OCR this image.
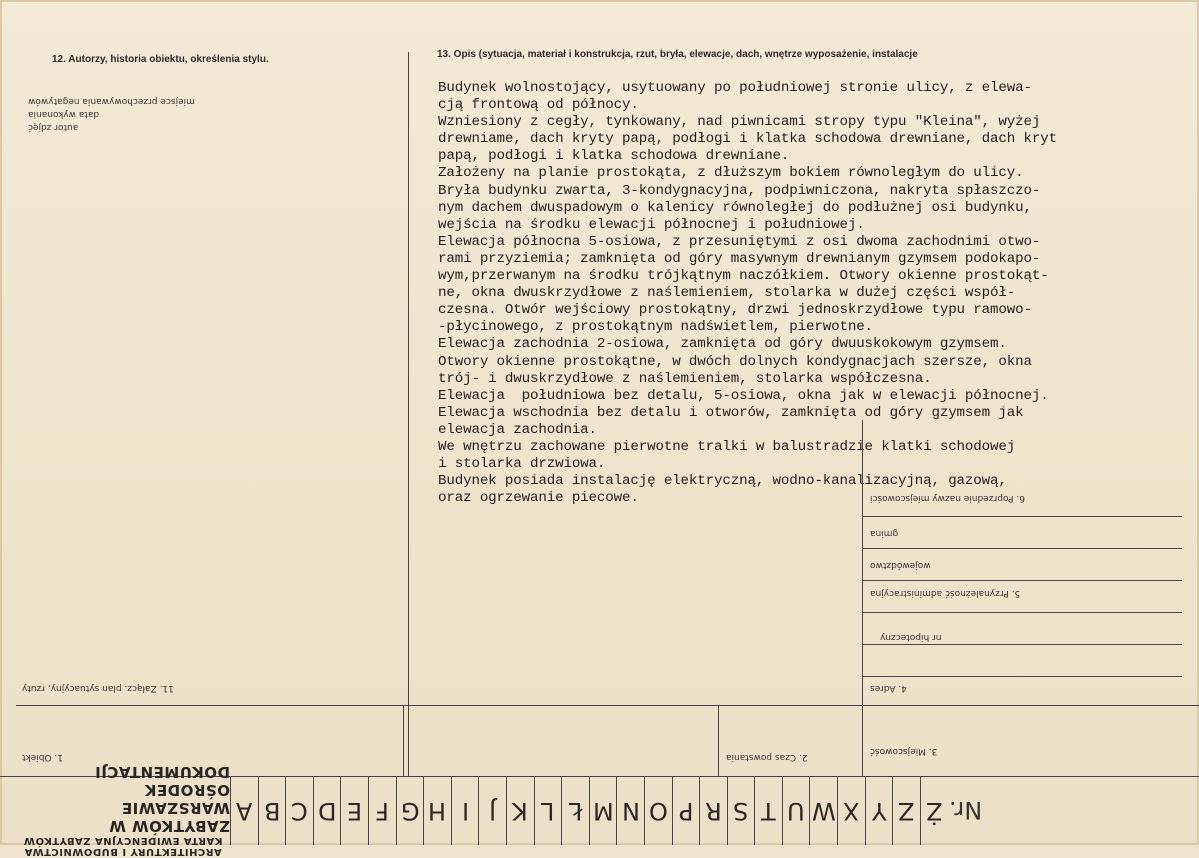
12. Autorzy, historia obiektu, określenia stylu.	13. Opis (sytuacja, materiał i konstrukcja, rzut, bryła, elewacje, dach, wnętrze wyposażenie, instalacje
miejsce przechowywania negatywów
data wykonania
autor zdjęć
11. Załącz. plan sytuacyjny, rzuty
1. Obiekt	2. Czas powstania
3. Miejscowość
4. Adres
nr hipoteczny
5. Przynależność administracyjna
województwo
gmina
6. Poprzednie nazwy miejscowości
Budynek wolnostojący, usytuowany po południowej stronie ulicy, z elewa-
cją frontową od północy.
Wzniesiony z cegły, tynkowany, nad piwnicami stropy typu "Kleina", wyżej
drewniame, dach kryty papą, podłogi i klatka schodowa drewniane, dach kryt
papą, podłogi i klatka schodowa drewniane.
Założeny na planie prostokąta, z dłuższym bokiem równoległym do ulicy.
Bryła budynku zwarta, 3-kondygnacyjna, podpiwniczona, nakryta spłaszczo-
nym dachem dwuspadowym o kalenicy równoległej do podłużnej osi budynku,
wejścia na środku elewacji północnej i południowej.
Elewacja północna 5-osiowa, z przesuniętymi z osi dwoma zachodnimi otwo-
rami przyziemia; zamknięta od góry masywnym drewnianym gzymsem podokapo-
wym,przerwanym na środku trójkątnym naczółkiem. Otwory okienne prostokąt-
ne, okna dwuskrzydłowe z naślemieniem, stolarka w dużej części współ-
czesna. Otwór wejściowy prostokątny, drzwi jednoskrzydłowe typu ramowo-
-płycinowego, z prostokątnym nadświetlem, pierwotne.
Elewacja zachodnia 2-osiowa, zamknięta od góry dwuuskokowym gzymsem.
Otwory okienne prostokątne, w dwóch dolnych kondygnacjach szersze, okna
trój- i dwuskrzydłowe z naślemieniem, stolarka współczesna.
Elewacja  południowa bez detalu, 5-osiowa, okna jak w elewacji północnej.
Elewacja wschodnia bez detalu i otworów, zamknięta od góry gzymsem jak
elewacja zachodnia.
We wnętrzu zachowane pierwotne tralki w balustradzie klatki schodowej
i stolarka drzwiowa.
Budynek posiada instalację elektryczną, wodno-kanalizacyjną, gazową,
oraz ogrzewanie piecowe.
ARCHITEKTURY I BUDOWNICTWA
KARTA EWIDENCYJNA ZABYTKÓW
ZABYTKÓW W WARSZAWIE
OŚRODEK DOKUMENTACJI
A B C D E F G H I J K L Ł M N O P R S T U W X Y Z Ż Nr.
